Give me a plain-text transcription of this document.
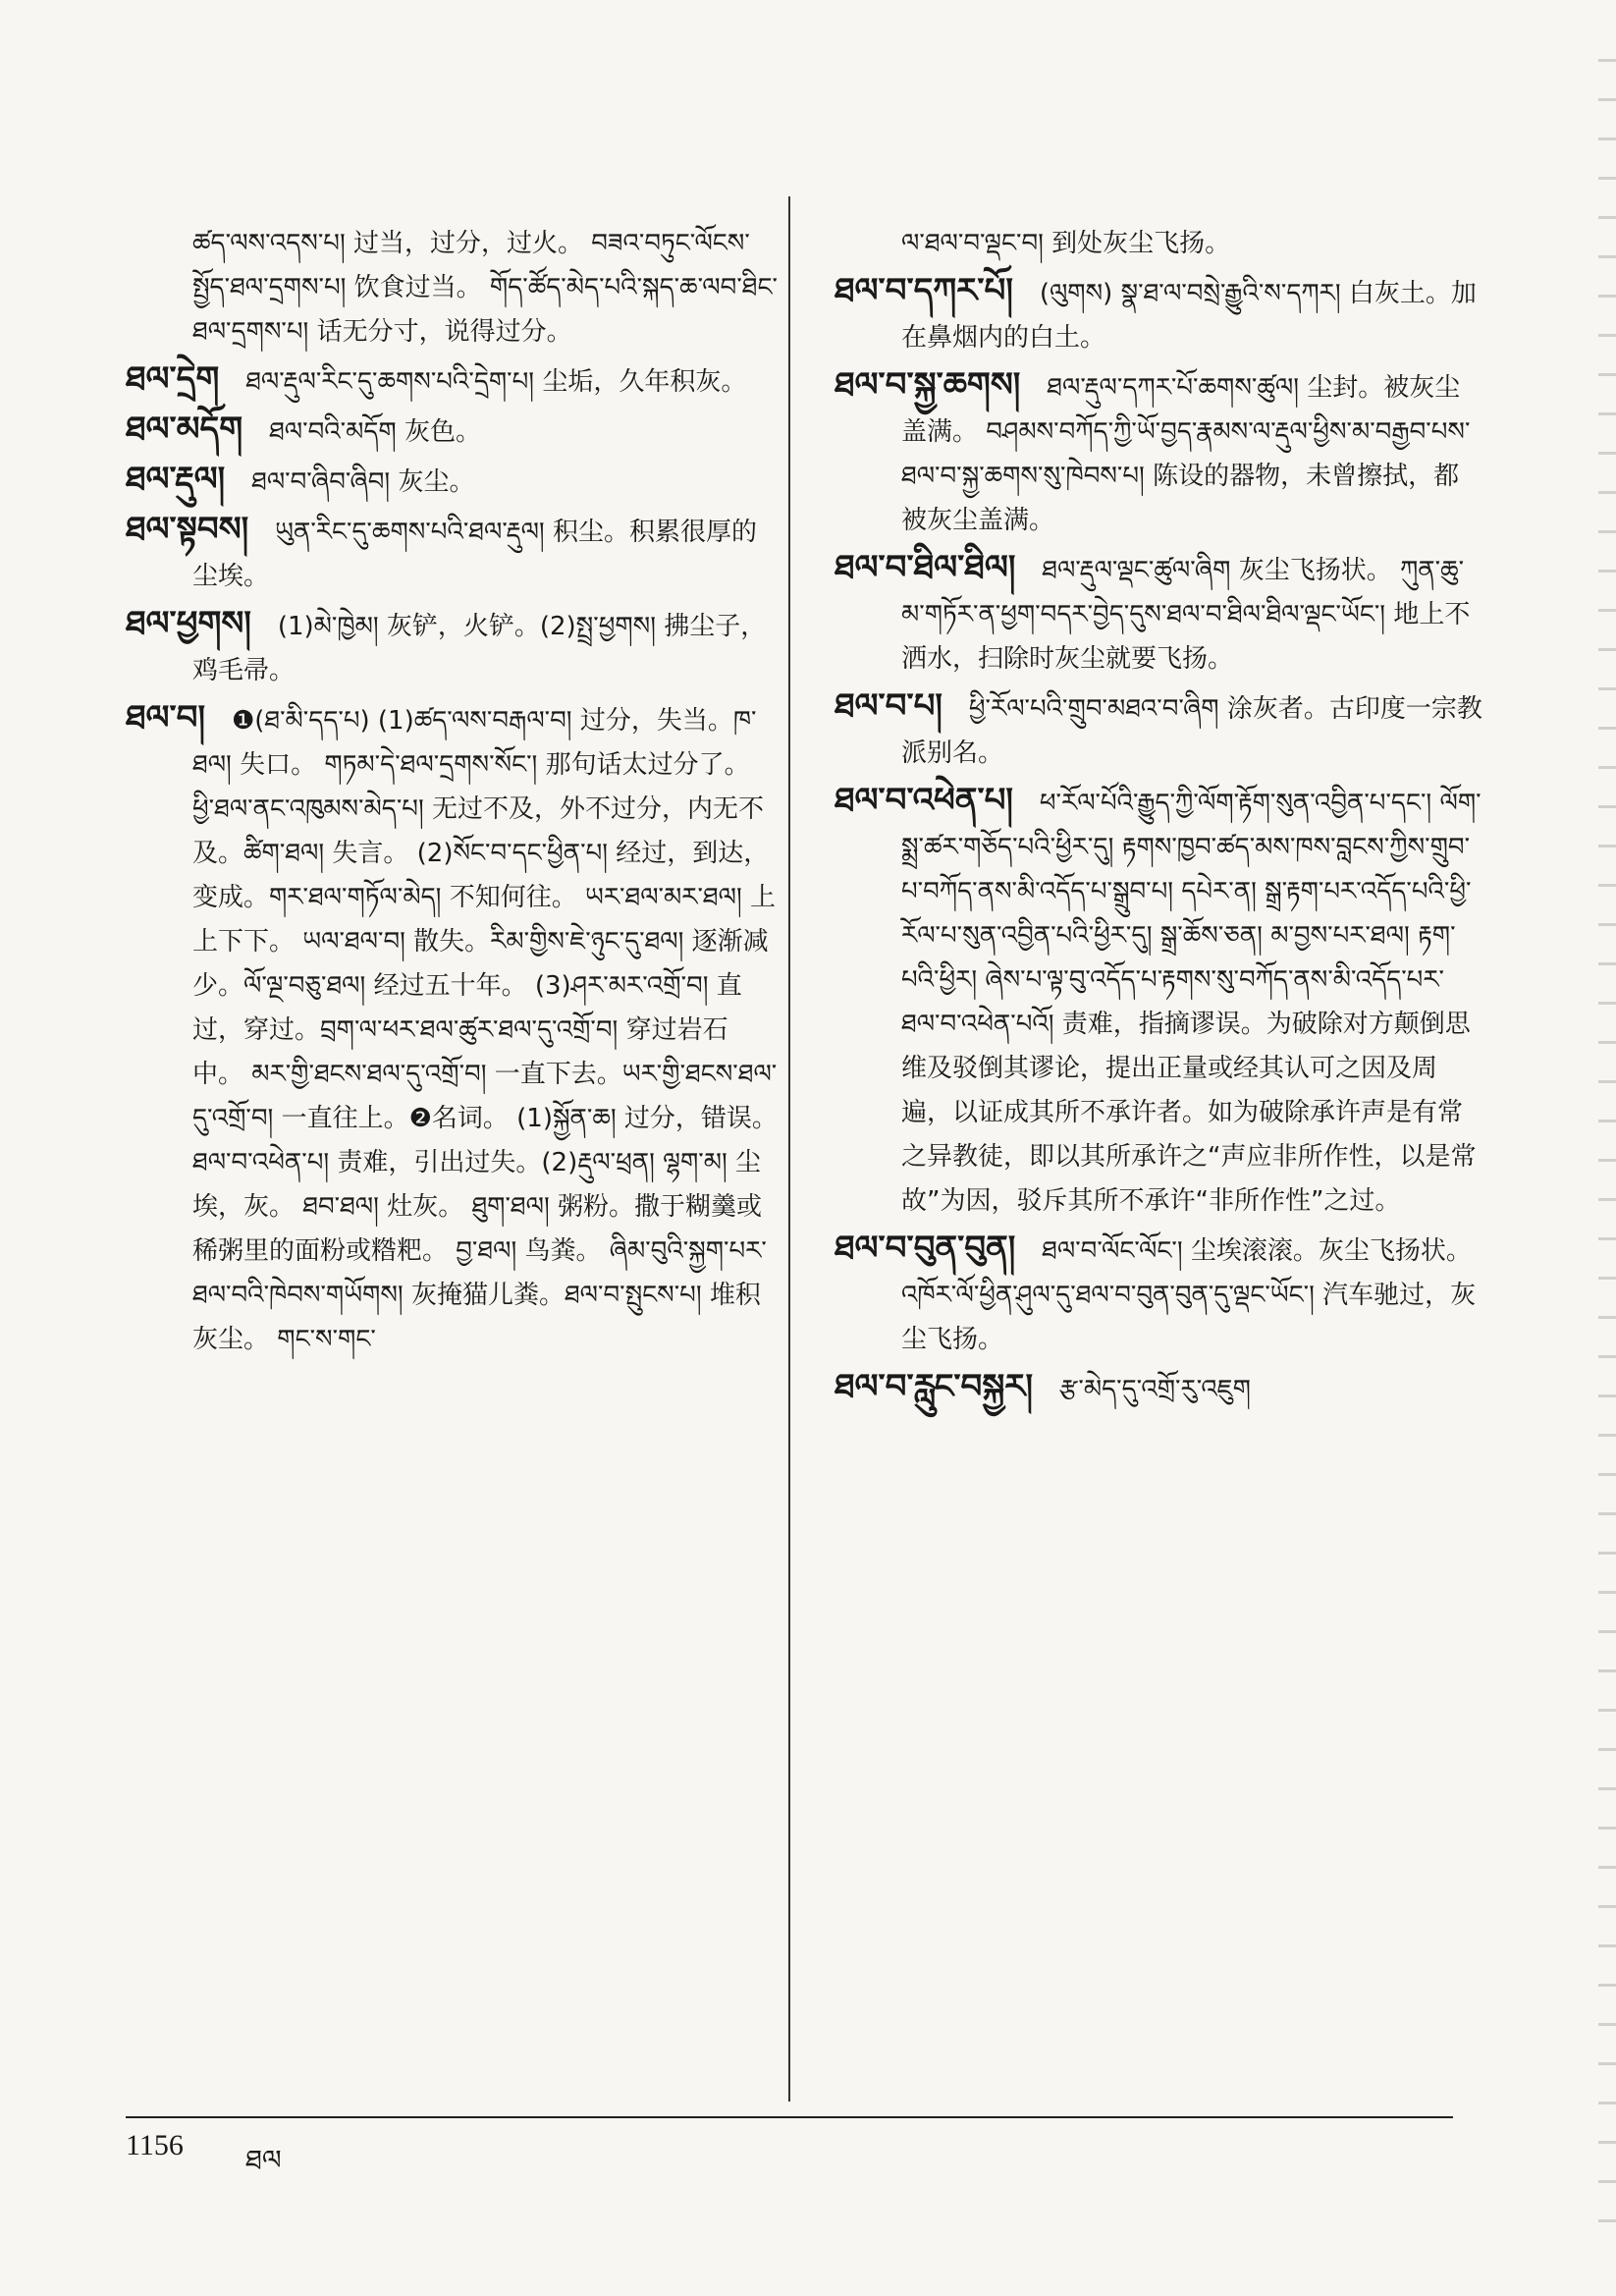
ཚད་ལས་འདས་པ། 过当，过分，过火。 བཟའ་བཏུང་ལོངས་སྤྱོད་ཐལ་དྲགས་པ། 饮食过当。 གོད་ཚོད་མེད་པའི་སྐད་ཆ་ལབ་ཐིང་ཐལ་དྲགས་པ། 话无分寸，说得过分。
ཐལ་དྲེག ཐལ་རྡུལ་རིང་དུ་ཆགས་པའི་དྲེག་པ། 尘垢，久年积灰。
ཐལ་མདོག ཐལ་བའི་མདོག 灰色。
ཐལ་རྡུལ། ཐལ་བ་ཞིབ་ཞིབ། 灰尘。
ཐལ་སྟབས། ཡུན་རིང་དུ་ཆགས་པའི་ཐལ་རྡུལ། 积尘。积累很厚的尘埃。
ཐལ་ཕྱགས། (1)མེ་ཁྱེམ། 灰铲，火铲。(2)སྤྲ་ཕྱགས། 拂尘子，鸡毛帚。
ཐལ་བ། ❶(ཐ་མི་དད་པ) (1)ཚད་ལས་བརྒལ་བ། 过分，失当。ཁ་ཐལ། 失口。 གཏམ་དེ་ཐལ་དྲགས་སོང་། 那句话太过分了。 ཕྱི་ཐལ་ནང་འཁུམས་མེད་པ། 无过不及，外不过分，内无不及。ཚིག་ཐལ། 失言。 (2)སོང་བ་དང་ཕྱིན་པ། 经过，到达，变成。གར་ཐལ་གཏོལ་མེད། 不知何往。 ཡར་ཐལ་མར་ཐལ། 上上下下。 ཡལ་ཐལ་བ། 散失。རིམ་གྱིས་ཇེ་ཉུང་དུ་ཐལ། 逐渐减少。ལོ་ལྔ་བཅུ་ཐལ། 经过五十年。 (3)ཤར་མར་འགྲོ་བ། 直过，穿过。བྲག་ལ་ཕར་ཐལ་ཚུར་ཐལ་དུ་འགྲོ་བ། 穿过岩石中。 མར་གྱི་ཐངས་ཐལ་དུ་འགྲོ་བ། 一直下去。ཡར་གྱི་ཐངས་ཐལ་དུ་འགྲོ་བ། 一直往上。❷名词。 (1)སྐྱོན་ཆ། 过分，错误。ཐལ་བ་འཕེན་པ། 责难，引出过失。(2)རྡུལ་ཕྲན། ལྷག་མ། 尘埃，灰。 ཐབ་ཐལ། 灶灰。 ཐུག་ཐལ། 粥粉。撒于糊羹或稀粥里的面粉或糌粑。 བྱ་ཐལ། 鸟粪。 ཞིམ་བུའི་སྐྱག་པར་ཐལ་བའི་ཁེབས་གཡོགས། 灰掩猫儿粪。ཐལ་བ་སྤུངས་པ། 堆积灰尘。 གང་ས་གང་
ལ་ཐལ་བ་ལྡང་བ། 到处灰尘飞扬。
ཐལ་བ་དཀར་པོ། (ལུགས) སྣ་ཐ་ལ་བསྲེ་རྒྱུའི་ས་དཀར། 白灰土。加在鼻烟内的白土。
ཐལ་བ་སྐྱ་ཆགས། ཐལ་རྡུལ་དཀར་པོ་ཆགས་ཚུལ། 尘封。被灰尘盖满。 བཤམས་བཀོད་ཀྱི་ཡོ་བྱད་རྣམས་ལ་རྡུལ་ཕྱིས་མ་བརྒྱབ་པས་ཐལ་བ་སྐྱ་ཆགས་སུ་ཁེབས་པ། 陈设的器物，未曾擦拭，都被灰尘盖满。
ཐལ་བ་ཐིལ་ཐིལ། ཐལ་རྡུལ་ལྡང་ཚུལ་ཞིག 灰尘飞扬状。 ཀུན་ཆུ་མ་གཏོར་ན་ཕྱག་བདར་བྱེད་དུས་ཐལ་བ་ཐིལ་ཐིལ་ལྡང་ཡོང་། 地上不洒水，扫除时灰尘就要飞扬。
ཐལ་བ་པ། ཕྱི་རོལ་པའི་གྲུབ་མཐའ་བ་ཞིག 涂灰者。古印度一宗教派别名。
ཐལ་བ་འཕེན་པ། ཕ་རོལ་པོའི་རྒྱུད་ཀྱི་ལོག་རྟོག་སུན་འབྱིན་པ་དང་། ལོག་སྨྲ་ཚར་གཅོད་པའི་ཕྱིར་དུ། རྟགས་ཁྱབ་ཚད་མས་ཁས་བླངས་ཀྱིས་གྲུབ་པ་བཀོད་ནས་མི་འདོད་པ་སྒྲུབ་པ། དཔེར་ན། སྒྲ་རྟག་པར་འདོད་པའི་ཕྱི་རོལ་པ་སུན་འབྱིན་པའི་ཕྱིར་དུ། སྒྲ་ཆོས་ཅན། མ་བྱས་པར་ཐལ། རྟག་པའི་ཕྱིར། ཞེས་པ་ལྟ་བུ་འདོད་པ་རྟགས་སུ་བཀོད་ནས་མི་འདོད་པར་ཐལ་བ་འཕེན་པའོ། 责难，指摘谬误。为破除对方颠倒思维及驳倒其谬论，提出正量或经其认可之因及周遍，以证成其所不承许者。如为破除承许声是有常之异教徒，即以其所承许之“声应非所作性，以是常故”为因，驳斥其所不承许“非所作性”之过。
ཐལ་བ་བུན་བུན། ཐལ་བ་ལོང་ལོང་། 尘埃滚滚。灰尘飞扬状。 འཁོར་ལོ་ཕྱིན་ཤུལ་དུ་ཐལ་བ་བུན་བུན་དུ་ལྡང་ཡོང་། 汽车驰过，灰尘飞扬。
ཐལ་བ་རླུང་བསྐྱར། རྩ་མེད་དུ་འགྲོ་རུ་འཇུག
1156 ཐལ
